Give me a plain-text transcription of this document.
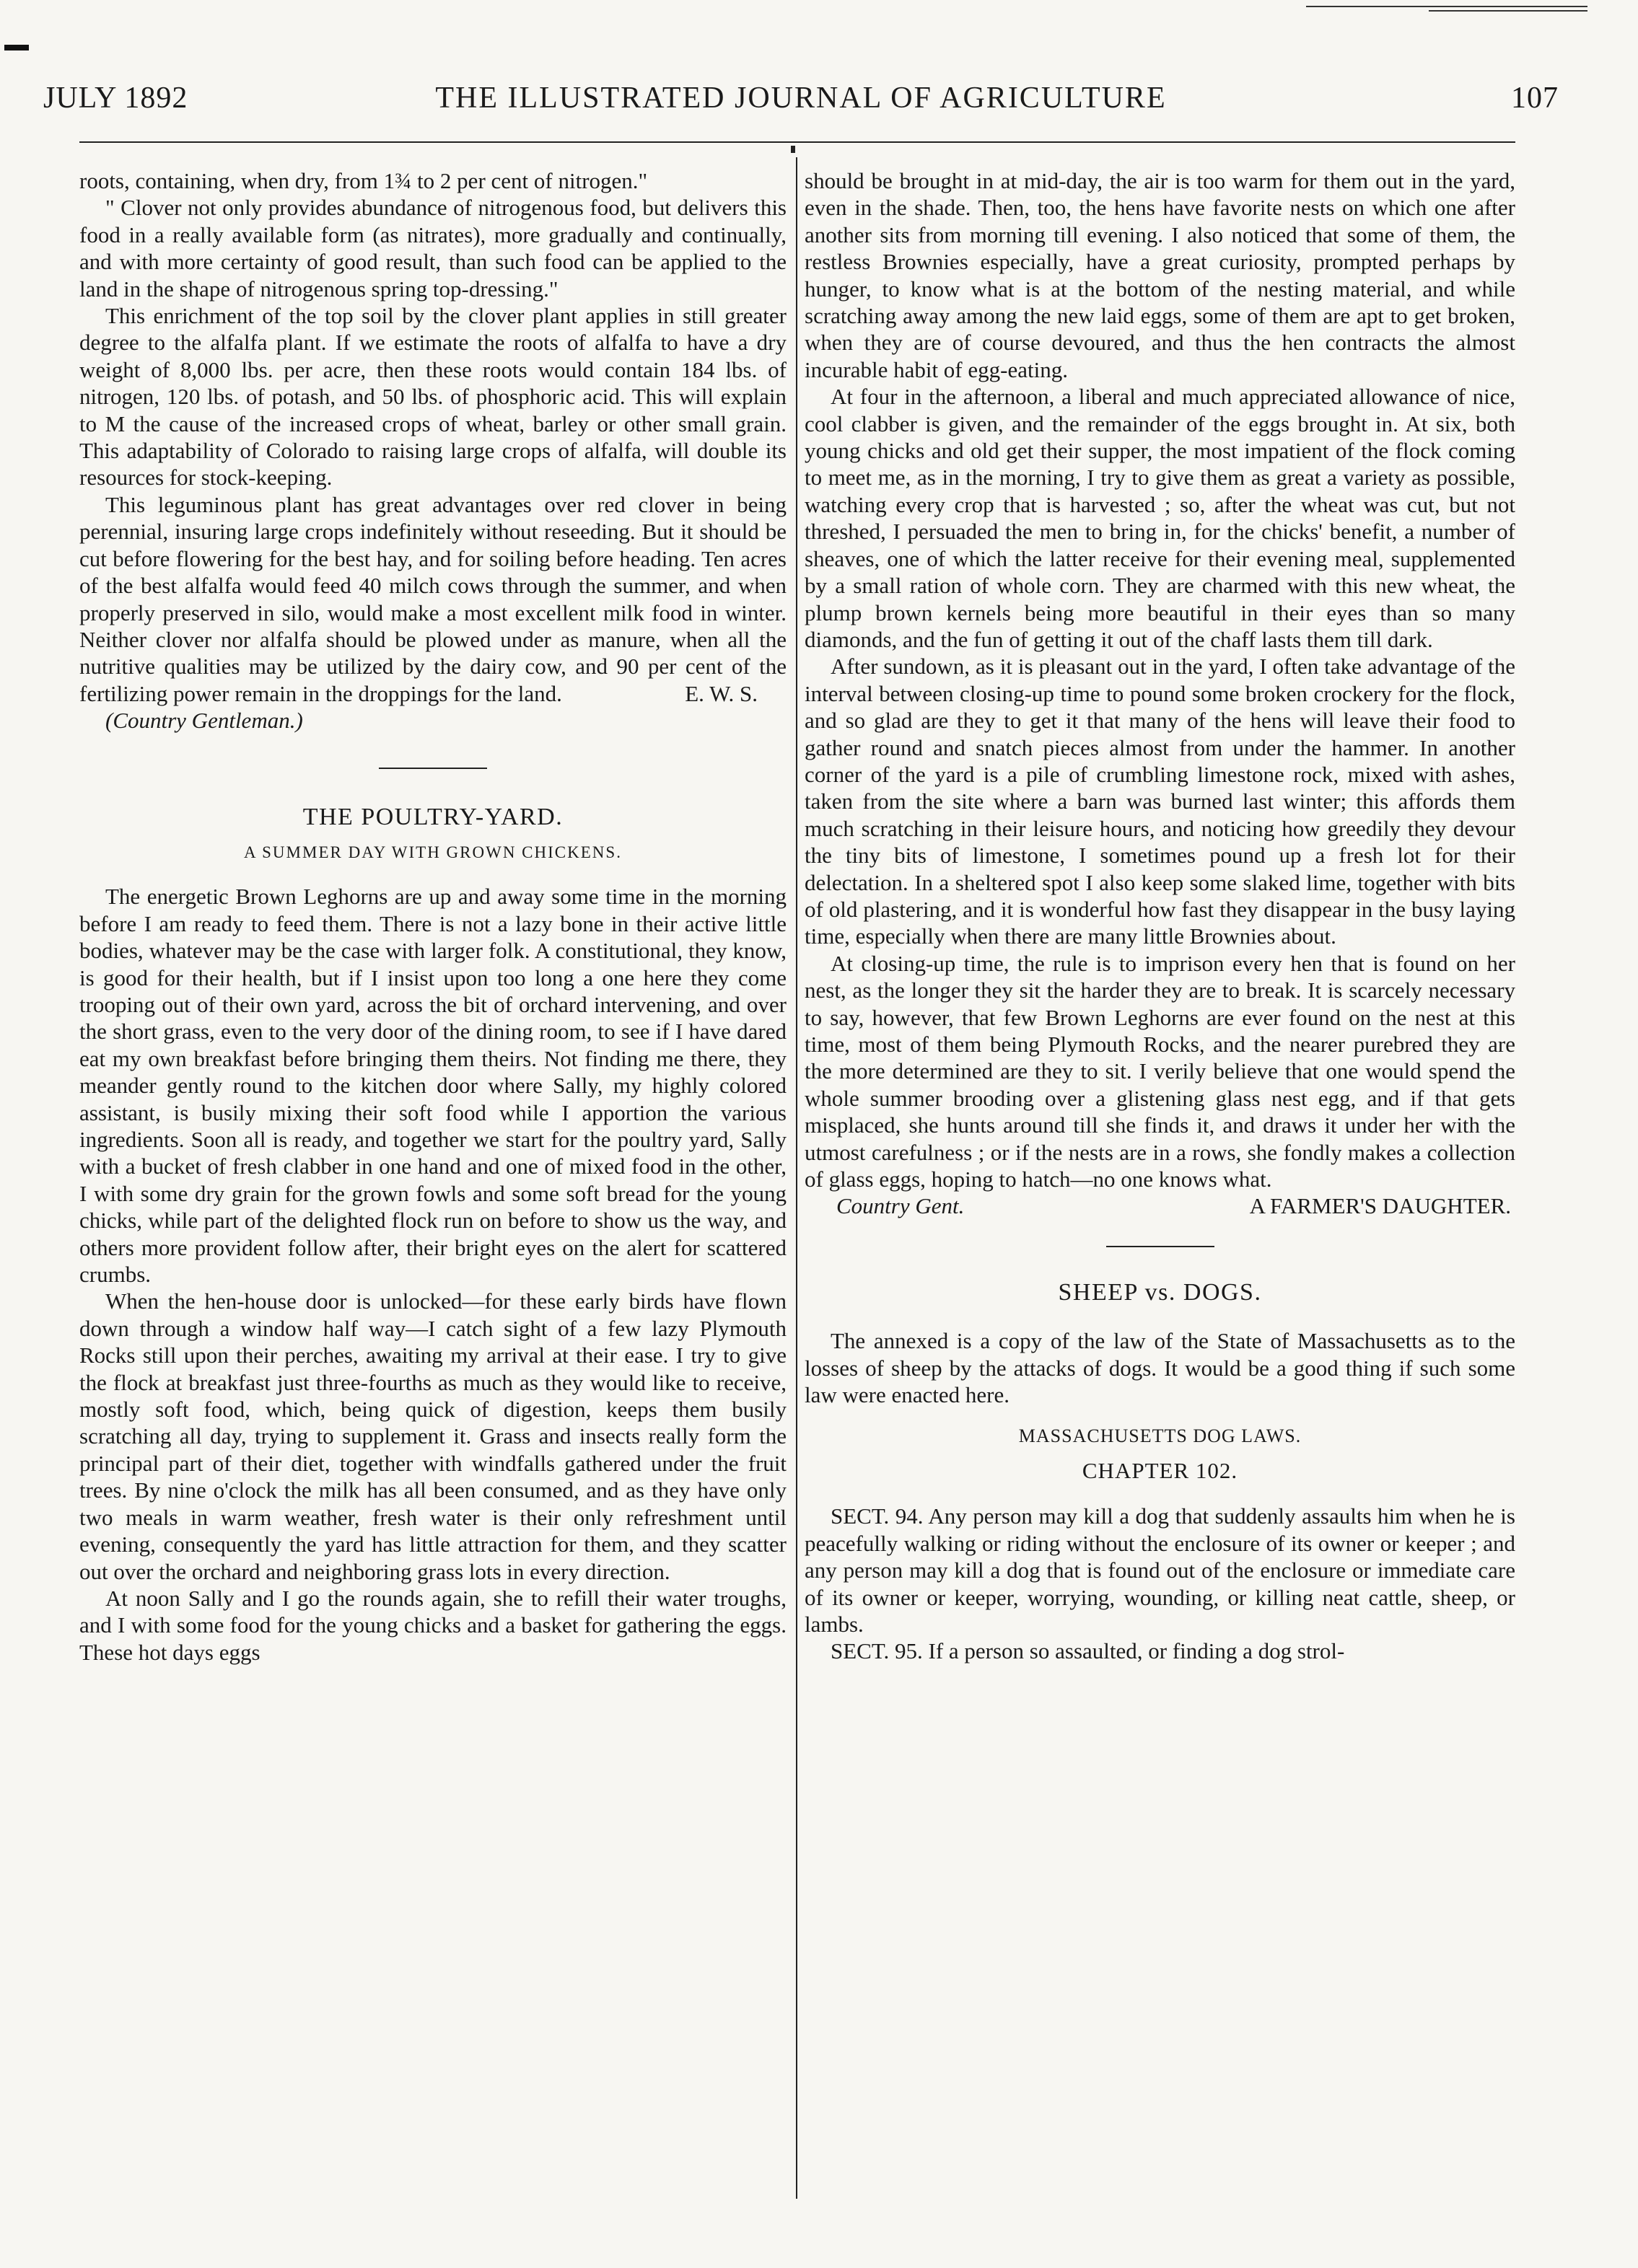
JULY 1892	THE ILLUSTRATED JOURNAL OF AGRICULTURE	107

roots, containing, when dry, from 1¾ to 2 per cent of nitrogen."

" Clover not only provides abundance of nitrogenous food, but delivers this food in a really available form (as nitrates), more gradually and continually, and with more certainty of good result, than such food can be applied to the land in the shape of nitrogenous spring top-dressing."

This enrichment of the top soil by the clover plant applies in still greater degree to the alfalfa plant. If we estimate the roots of alfalfa to have a dry weight of 8,000 lbs. per acre, then these roots would contain 184 lbs. of nitrogen, 120 lbs. of potash, and 50 lbs. of phosphoric acid. This will explain to M the cause of the increased crops of wheat, barley or other small grain. This adaptability of Colorado to raising large crops of alfalfa, will double its resources for stock-keeping.

This leguminous plant has great advantages over red clover in being perennial, insuring large crops indefinitely without reseeding. But it should be cut before flowering for the best hay, and for soiling before heading. Ten acres of the best alfalfa would feed 40 milch cows through the summer, and when properly preserved in silo, would make a most excellent milk food in winter. Neither clover nor alfalfa should be plowed under as manure, when all the nutritive qualities may be utilized by the dairy cow, and 90 per cent of the fertilizing power remain in the droppings for the land.	E. W. S.

(Country Gentleman.)

THE POULTRY-YARD.
A SUMMER DAY WITH GROWN CHICKENS.

The energetic Brown Leghorns are up and away some time in the morning before I am ready to feed them. There is not a lazy bone in their active little bodies, whatever may be the case with larger folk. A constitutional, they know, is good for their health, but if I insist upon too long a one here they come trooping out of their own yard, across the bit of orchard intervening, and over the short grass, even to the very door of the dining room, to see if I have dared eat my own breakfast before bringing them theirs. Not finding me there, they meander gently round to the kitchen door where Sally, my highly colored assistant, is busily mixing their soft food while I apportion the various ingredients. Soon all is ready, and together we start for the poultry yard, Sally with a bucket of fresh clabber in one hand and one of mixed food in the other, I with some dry grain for the grown fowls and some soft bread for the young chicks, while part of the delighted flock run on before to show us the way, and others more provident follow after, their bright eyes on the alert for scattered crumbs.

When the hen-house door is unlocked—for these early birds have flown down through a window half way—I catch sight of a few lazy Plymouth Rocks still upon their perches, awaiting my arrival at their ease. I try to give the flock at breakfast just three-fourths as much as they would like to receive, mostly soft food, which, being quick of digestion, keeps them busily scratching all day, trying to supplement it. Grass and insects really form the principal part of their diet, together with windfalls gathered under the fruit trees. By nine o'clock the milk has all been consumed, and as they have only two meals in warm weather, fresh water is their only refreshment until evening, consequently the yard has little attraction for them, and they scatter out over the orchard and neighboring grass lots in every direction.

At noon Sally and I go the rounds again, she to refill their water troughs, and I with some food for the young chicks and a basket for gathering the eggs. These hot days eggs

should be brought in at mid-day, the air is too warm for them out in the yard, even in the shade. Then, too, the hens have favorite nests on which one after another sits from morning till evening. I also noticed that some of them, the restless Brownies especially, have a great curiosity, prompted perhaps by hunger, to know what is at the bottom of the nesting material, and while scratching away among the new laid eggs, some of them are apt to get broken, when they are of course devoured, and thus the hen contracts the almost incurable habit of egg-eating.

At four in the afternoon, a liberal and much appreciated allowance of nice, cool clabber is given, and the remainder of the eggs brought in. At six, both young chicks and old get their supper, the most impatient of the flock coming to meet me, as in the morning, I try to give them as great a variety as possible, watching every crop that is harvested ; so, after the wheat was cut, but not threshed, I persuaded the men to bring in, for the chicks' benefit, a number of sheaves, one of which the latter receive for their evening meal, supplemented by a small ration of whole corn. They are charmed with this new wheat, the plump brown kernels being more beautiful in their eyes than so many diamonds, and the fun of getting it out of the chaff lasts them till dark.

After sundown, as it is pleasant out in the yard, I often take advantage of the interval between closing-up time to pound some broken crockery for the flock, and so glad are they to get it that many of the hens will leave their food to gather round and snatch pieces almost from under the hammer. In another corner of the yard is a pile of crumbling limestone rock, mixed with ashes, taken from the site where a barn was burned last winter; this affords them much scratching in their leisure hours, and noticing how greedily they devour the tiny bits of limestone, I sometimes pound up a fresh lot for their delectation. In a sheltered spot I also keep some slaked lime, together with bits of old plastering, and it is wonderful how fast they disappear in the busy laying time, especially when there are many little Brownies about.

At closing-up time, the rule is to imprison every hen that is found on her nest, as the longer they sit the harder they are to break. It is scarcely necessary to say, however, that few Brown Leghorns are ever found on the nest at this time, most of them being Plymouth Rocks, and the nearer purebred they are the more determined are they to sit. I verily believe that one would spend the whole summer brooding over a glistening glass nest egg, and if that gets misplaced, she hunts around till she finds it, and draws it under her with the utmost carefulness ; or if the nests are in a rows, she fondly makes a collection of glass eggs, hoping to hatch—no one knows what.
A FARMER'S DAUGHTER.

Country Gent.

SHEEP vs. DOGS.

The annexed is a copy of the law of the State of Massachusetts as to the losses of sheep by the attacks of dogs. It would be a good thing if such some law were enacted here.

MASSACHUSETTS DOG LAWS.
CHAPTER 102.

SECT. 94. Any person may kill a dog that suddenly assaults him when he is peacefully walking or riding without the enclosure of its owner or keeper ; and any person may kill a dog that is found out of the enclosure or immediate care of its owner or keeper, worrying, wounding, or killing neat cattle, sheep, or lambs.

SECT. 95. If a person so assaulted, or finding a dog strol-
